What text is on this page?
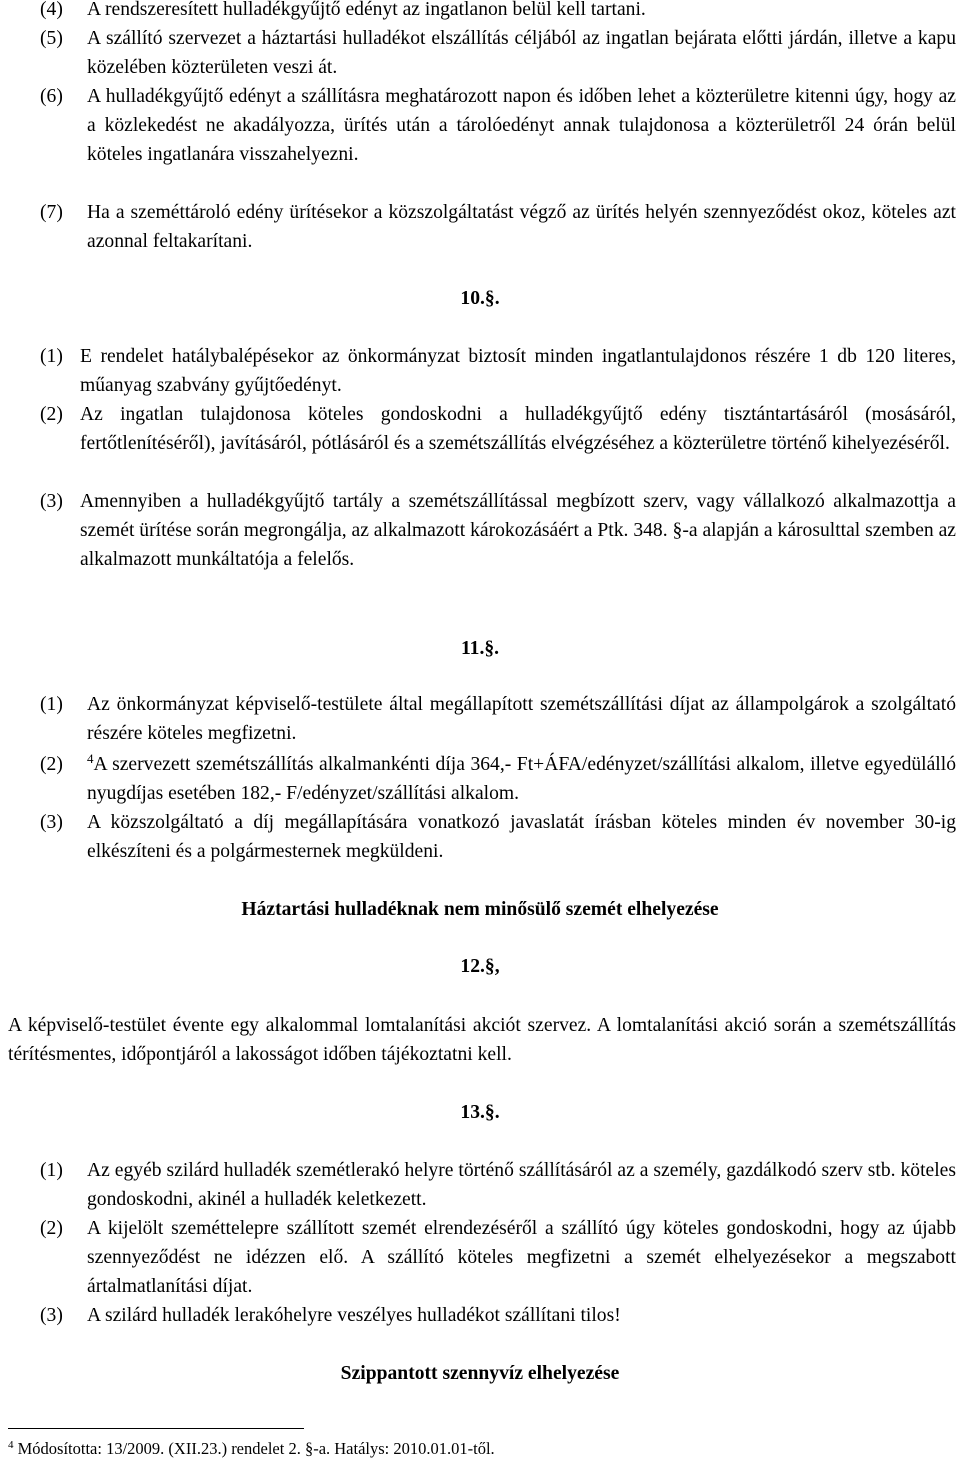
(4) A rendszeresített hulladékgyűjtő edényt az ingatlanon belül kell tartani.
(5) A szállító szervezet a háztartási hulladékot elszállítás céljából az ingatlan bejárata előtti járdán, illetve a kapu közelében közterületen veszi át.
(6) A hulladékgyűjtő edényt a szállításra meghatározott napon és időben lehet a közterületre kitenni úgy, hogy az a közlekedést ne akadályozza, ürítés után a tárolóedényt annak tulajdonosa a közterületről 24 órán belül köteles ingatlanára visszahelyezni.
(7) Ha a szeméttároló edény ürítésekor a közszolgáltatást végző az ürítés helyén szennyeződést okoz, köteles azt azonnal feltakarítani.
10.§.
(1) E rendelet hatálybalépésekor az önkormányzat biztosít minden ingatlantulajdonos részére 1 db 120 literes, műanyag szabvány gyűjtőedényt.
(2) Az ingatlan tulajdonosa köteles gondoskodni a hulladékgyűjtő edény tisztántartásáról (mosásáról, fertőtlenítéséről), javításáról, pótlásáról és a szemétszállítás elvégzéséhez a közterületre történő kihelyezéséről.
(3) Amennyiben a hulladékgyűjtő tartály a szemétszállítással megbízott szerv, vagy vállalkozó alkalmazottja a szemét ürítése során megrongálja, az alkalmazott károkozásáért a Ptk. 348. §-a alapján a károsulttal szemben az alkalmazott munkáltatója a felelős.
11.§.
(1) Az önkormányzat képviselő-testülete által megállapított szemétszállítási díjat az állampolgárok a szolgáltató részére köteles megfizetni.
(2) $^4$A szervezett szemétszállítás alkalmankénti díja 364,- Ft+ÁFA/edényzet/szállítási alkalom, illetve egyedülálló nyugdíjas esetében 182,- F/edényzet/szállítási alkalom.
(3) A közszolgáltató a díj megállapítására vonatkozó javaslatát írásban köteles minden év november 30-ig elkészíteni és a polgármesternek megküldeni.
Háztartási hulladéknak nem minősülő szemét elhelyezése
12.§,
A képviselő-testület évente egy alkalommal lomtalanítási akciót szervez. A lomtalanítási akció során a szemétszállítás térítésmentes, időpontjáról a lakosságot időben tájékoztatni kell.
13.§.
(1) Az egyéb szilárd hulladék szemétlerakó helyre történő szállításáról az a személy, gazdálkodó szerv stb. köteles gondoskodni, akinél a hulladék keletkezett.
(2) A kijelölt szeméttelepre szállított szemét elrendezéséről a szállító úgy köteles gondoskodni, hogy az újabb szennyeződést ne idézzen elő. A szállító köteles megfizetni a szemét elhelyezésekor a megszabott ártalmatlanítási díjat.
(3) A szilárd hulladék lerakóhelyre veszélyes hulladékot szállítani tilos!
Szippantott szennyvíz elhelyezése
$^4$ Módosította: 13/2009. (XII.23.) rendelet 2. §-a. Hatálys: 2010.01.01-től.
